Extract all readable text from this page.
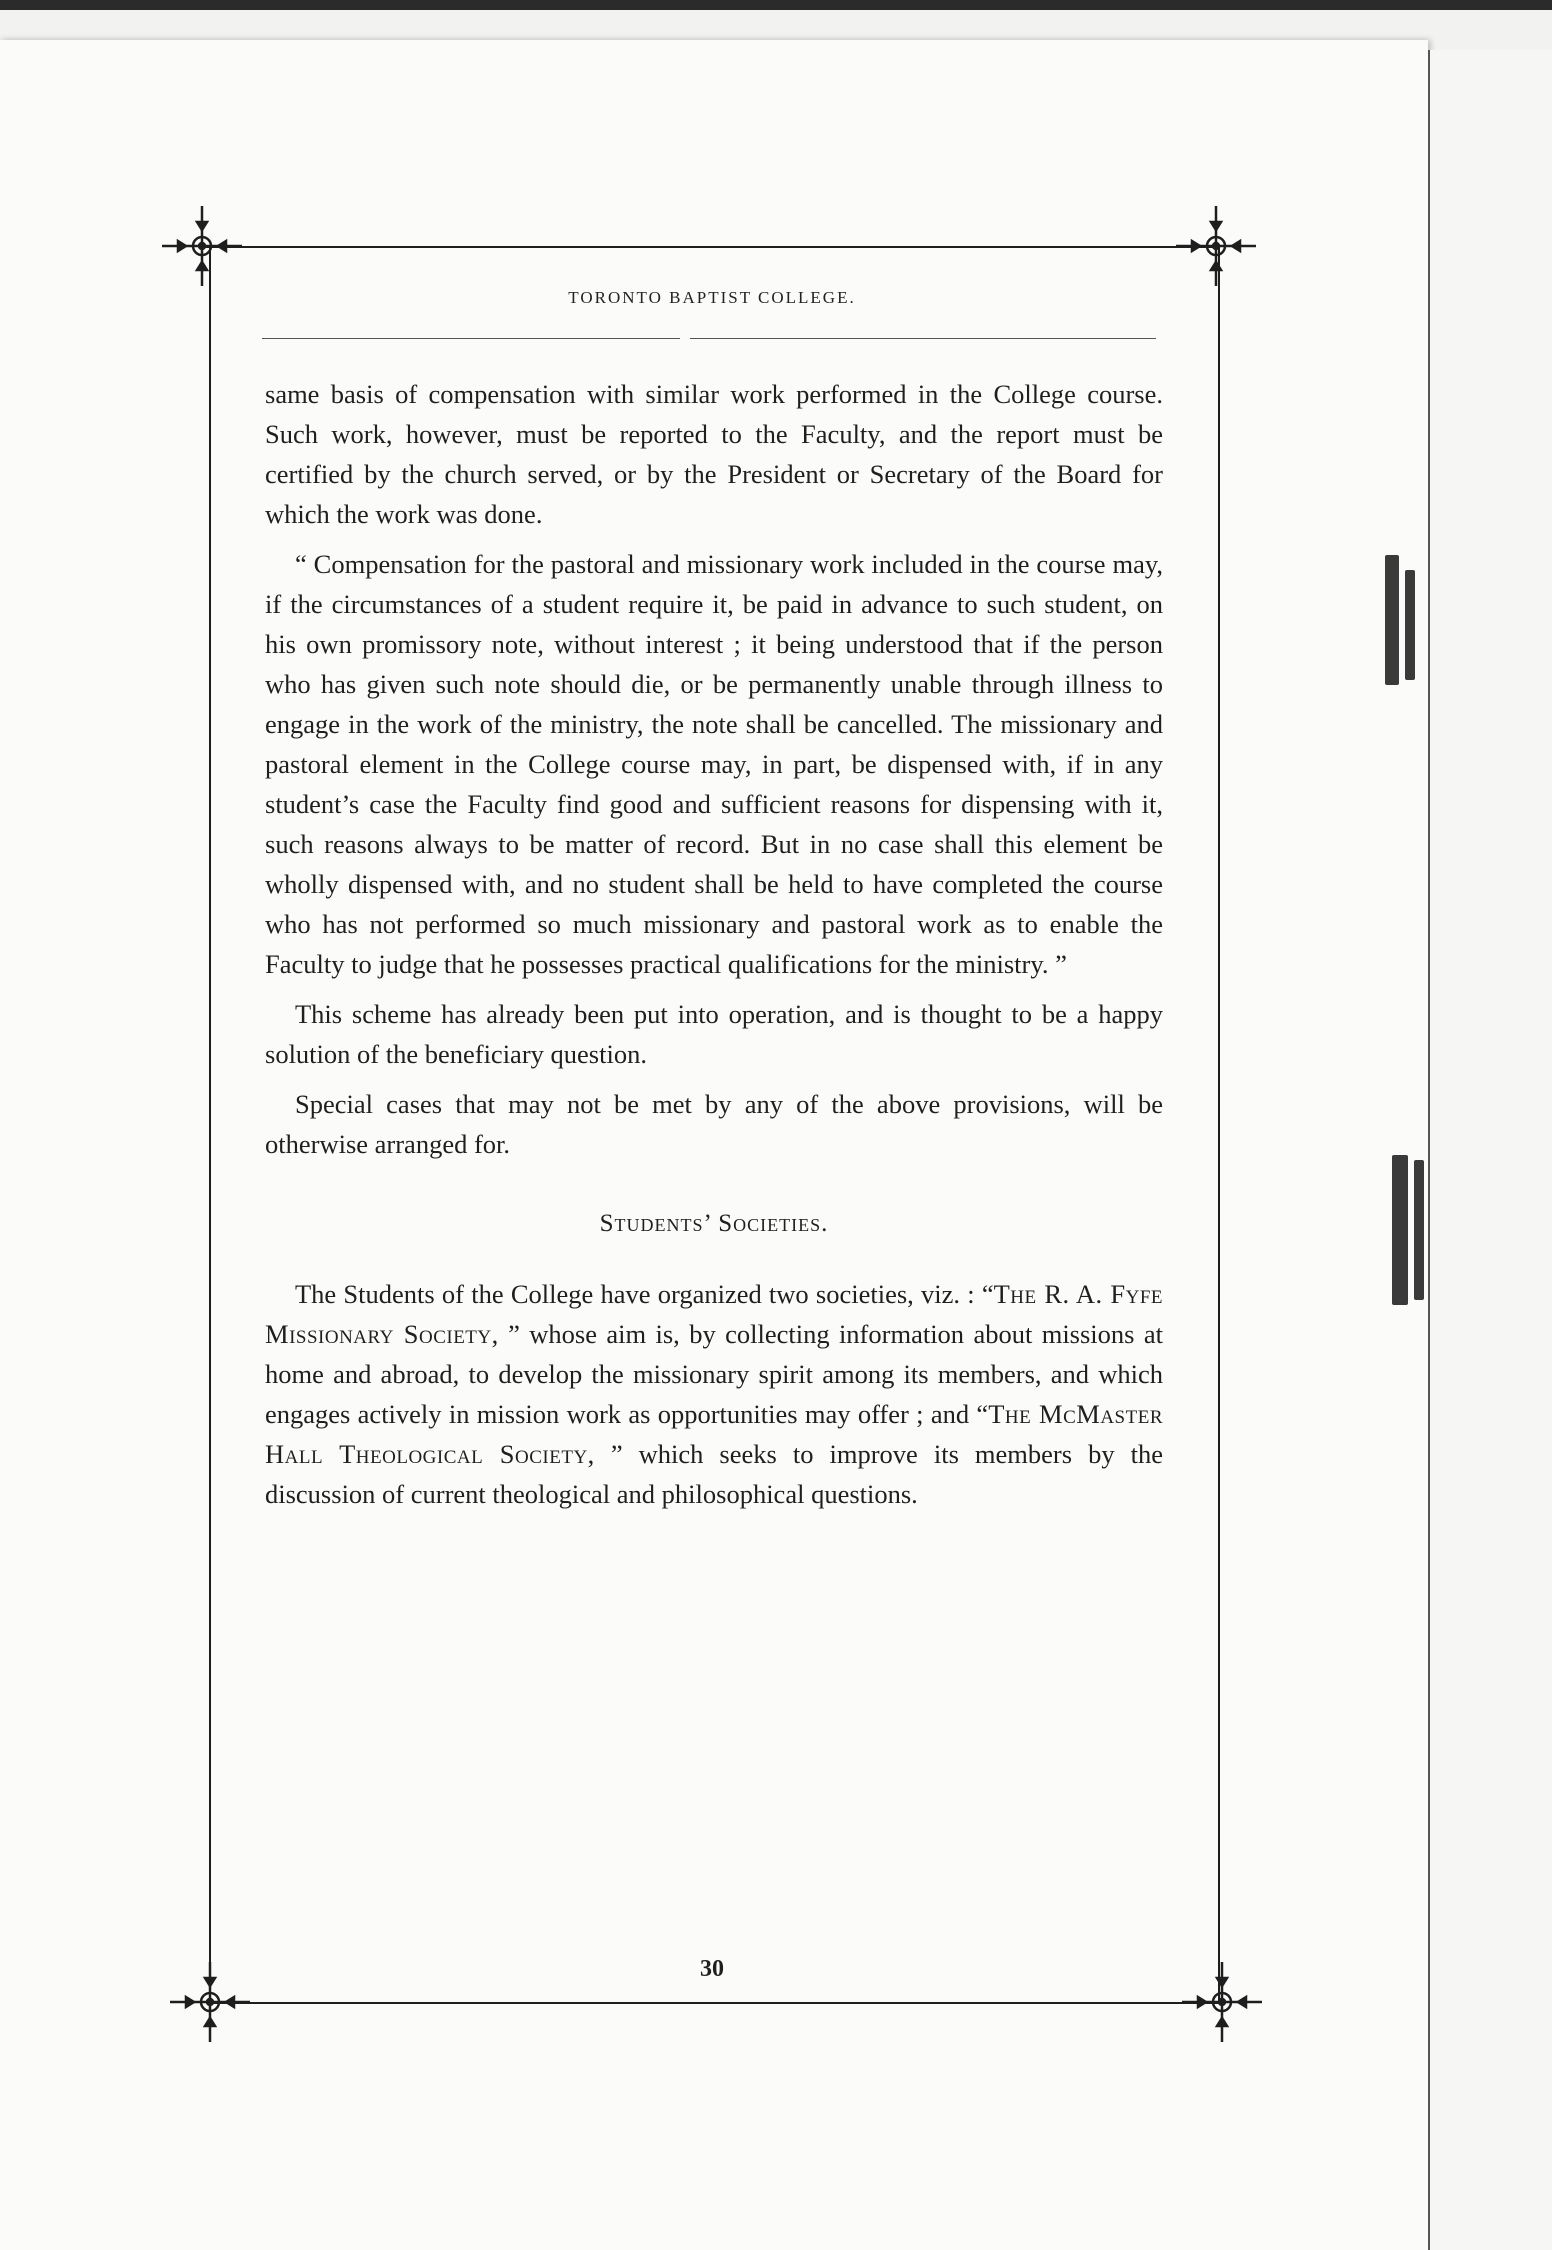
TORONTO BAPTIST COLLEGE.

same basis of compensation with similar work performed in the College course. Such work, however, must be reported to the Faculty, and the report must be certified by the church served, or by the President or Secretary of the Board for which the work was done.

“ Compensation for the pastoral and missionary work included in the course may, if the circumstances of a student require it, be paid in advance to such student, on his own promissory note, without interest ; it being understood that if the person who has given such note should die, or be permanently unable through illness to engage in the work of the ministry, the note shall be cancelled. The missionary and pastoral element in the College course may, in part, be dispensed with, if in any student’s case the Faculty find good and sufficient reasons for dispensing with it, such reasons always to be matter of record. But in no case shall this element be wholly dispensed with, and no student shall be held to have completed the course who has not performed so much missionary and pastoral work as to enable the Faculty to judge that he possesses practical qualifications for the ministry. ”

This scheme has already been put into operation, and is thought to be a happy solution of the beneficiary question.

Special cases that may not be met by any of the above provisions, will be otherwise arranged for.

Students’ Societies.

The Students of the College have organized two societies, viz. : “The R. A. Fyfe Missionary Society, ” whose aim is, by collecting information about missions at home and abroad, to develop the missionary spirit among its members, and which engages actively in mission work as opportunities may offer ; and “The McMaster Hall Theological Society, ” which seeks to improve its members by the discussion of current theological and philosophical questions.

30
